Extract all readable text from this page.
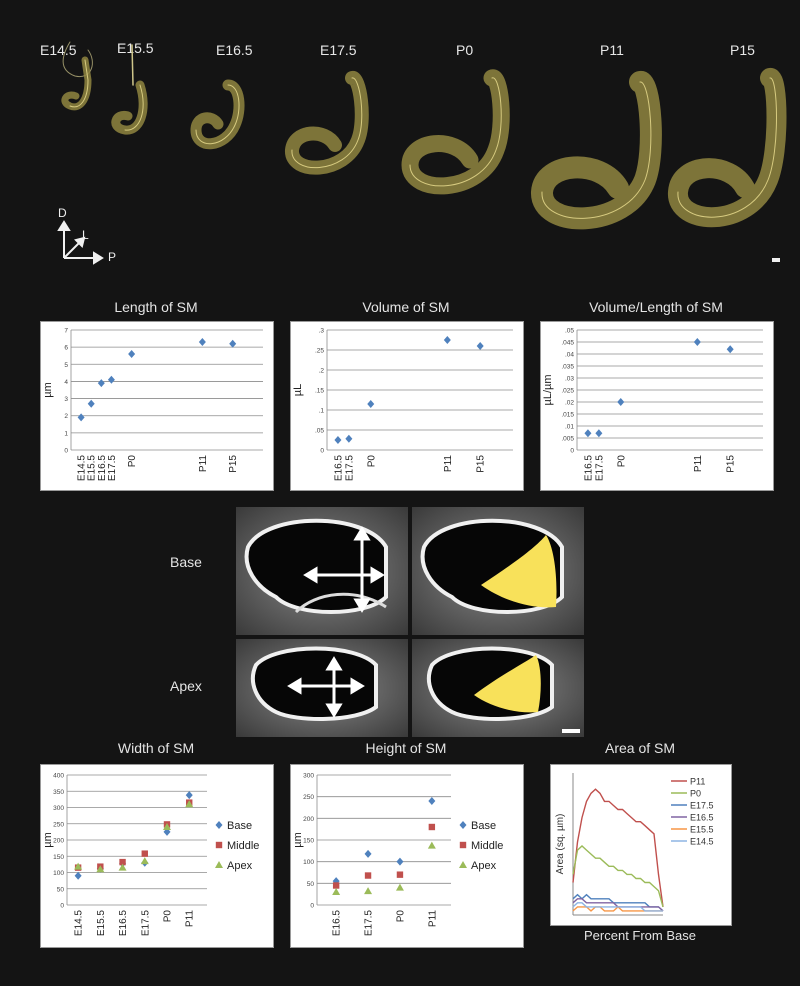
E14.5	E15.5	E16.5	E17.5	P0	P11	P15
D
L
P
Length of SM	Volume of SM	Volume/Length of SM
0
1
2
3
4
5
6
7
µm
E14.5 E15.5 E16.5 E17.5 P0	P11 P15
0
.05
.1
.15
.2
.25
.3
µL
E16.5 E17.5 P0	P11 P15
0
.005
.01
.015
.02
.025
.03
.035
.04
.045
.05
µL/µm
E16.5 E17.5 P0	P11 P15
Base
Apex
Width of SM	Height of SM	Area of SM
0
50
100
150
200
250
300
350
400
µm
E14.5 E15.5 E16.5 E17.5 P0 P11
Base
Middle
Apex
0
50
100
150
200
250
300
µm
E16.5 E17.5 P0 P11
Base
Middle
Apex
P11
P0
E17.5
E16.5
E15.5
E14.5
Area (sq. µm)
Percent From Base
